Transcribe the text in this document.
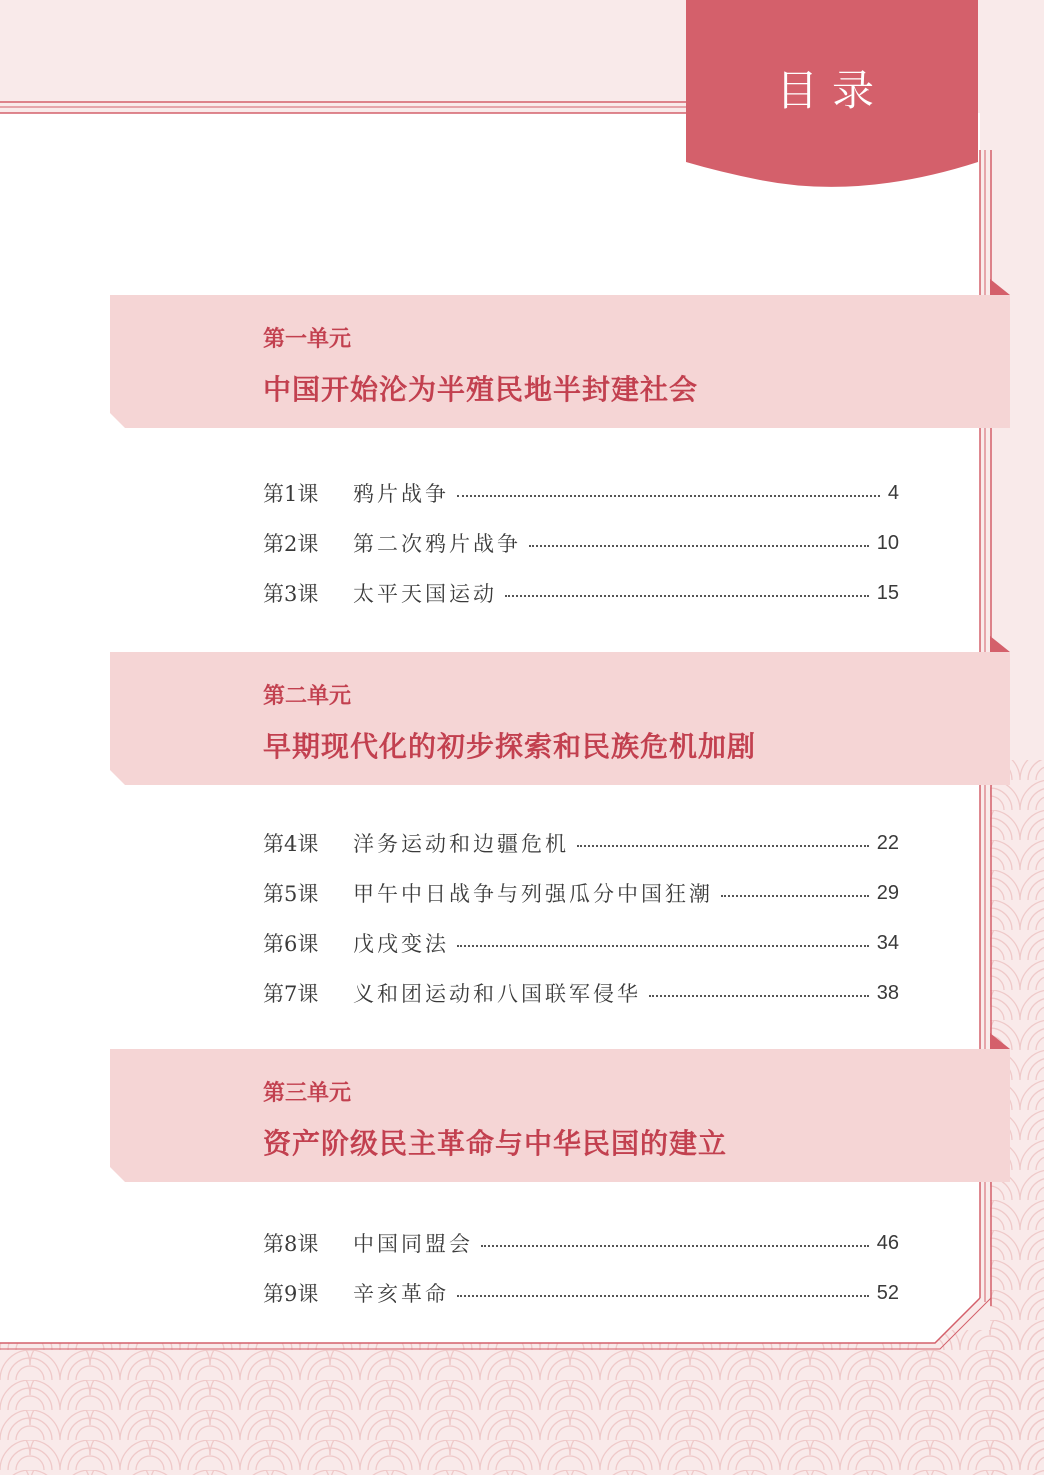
目录
第一单元
中国开始沦为半殖民地半封建社会
第1课	鸦片战争	4
第2课	第二次鸦片战争	10
第3课	太平天国运动	15
第二单元
早期现代化的初步探索和民族危机加剧
第4课	洋务运动和边疆危机	22
第5课	甲午中日战争与列强瓜分中国狂潮	29
第6课	戊戌变法	34
第7课	义和团运动和八国联军侵华	38
第三单元
资产阶级民主革命与中华民国的建立
第8课	中国同盟会	46
第9课	辛亥革命	52
